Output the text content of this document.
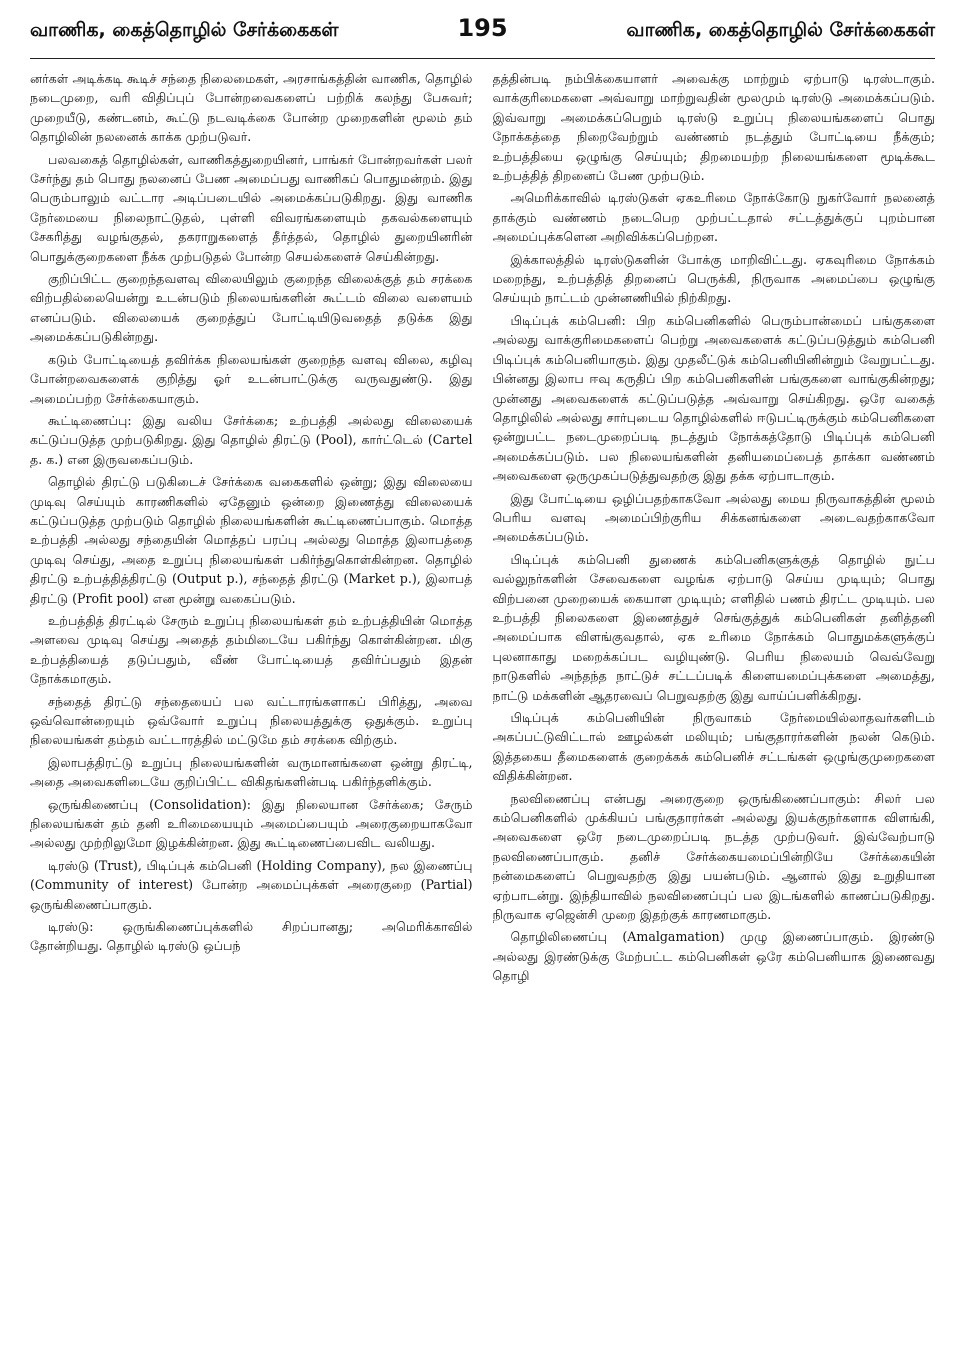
வாணிக, கைத்தொழில் சேர்க்கைகள்	195	வாணிக, கைத்தொழில் சேர்க்கைகள்

னர்கள் அடிக்கடி கூடிச் சந்தை நிலைமைகள், அரசாங்கத்தின் வாணிக, தொழில் நடைமுறை, வரி விதிப்புப் போன்றவைகளைப் பற்றிக் கலந்து பேசுவர்; முறையீடு, கண்டனம், கூட்டு நடவடிக்கை போன்ற முறைகளின் மூலம் தம் தொழிலின் நலனைக் காக்க முற்படுவர்.

பலவகைத் தொழில்கள், வாணிகத்துறையினர், பாங்கர் போன்றவர்கள் பலர் சேர்ந்து தம் பொது நலனைப் பேண அமைப்பது வாணிகப் பொதுமன்றம். இது பெரும்பாலும் வட்டார அடிப்படையில் அமைக்கப்படுகிறது. இது வாணிக நேர்மையை நிலைநாட்டுதல், புள்ளி விவரங்களையும் தகவல்களையும் சேகரித்து வழங்குதல், தகராறுகளைத் தீர்த்தல், தொழில் துறையினரின் பொதுக்குறைகளை நீக்க முற்படுதல் போன்ற செயல்களைச் செய்கின்றது.

குறிப்பிட்ட குறைந்தவளவு விலையிலும் குறைந்த விலைக்குத் தம் சரக்கை விற்பதில்லையென்று உடன்படும் நிலையங்களின் கூட்டம் விலை வளையம் எனப்படும். விலையைக் குறைத்துப் போட்டியிடுவதைத் தடுக்க இது அமைக்கப்படுகின்றது.

கடும் போட்டியைத் தவிர்க்க நிலையங்கள் குறைந்த வளவு விலை, கழிவு போன்றவைகளைக் குறித்து ஓர் உடன்பாட்டுக்கு வருவதுண்டு. இது அமைப்பற்ற சேர்க்கையாகும்.

கூட்டிணைப்பு: இது வலிய சேர்க்கை; உற்பத்தி அல்லது விலையைக் கட்டுப்படுத்த முற்படுகிறது. இது தொழில் திரட்டு (Pool), கார்ட்டெல் (Cartel த. க.) என இருவகைப்படும்.

தொழில் திரட்டு படுகிடைச் சேர்க்கை வகைகளில் ஒன்று; இது விலையை முடிவு செய்யும் காரணிகளில் ஏதேனும் ஒன்றை இணைத்து விலையைக் கட்டுப்படுத்த முற்படும் தொழில் நிலையங்களின் கூட்டிணைப்பாகும். மொத்த உற்பத்தி அல்லது சந்தையின் மொத்தப் பரப்பு அல்லது மொத்த இலாபத்தை முடிவு செய்து, அதை உறுப்பு நிலையங்கள் பகிர்ந்துகொள்கின்றன. தொழில் திரட்டு உற்பத்தித்திரட்டு (Output p.), சந்தைத் திரட்டு (Market p.), இலாபத் திரட்டு (Profit pool) என மூன்று வகைப்படும்.

உற்பத்தித் திரட்டில் சேரும் உறுப்பு நிலையங்கள் தம் உற்பத்தியின் மொத்த அளவை முடிவு செய்து அதைத் தம்மிடையே பகிர்ந்து கொள்கின்றன. மிகு உற்பத்தியைத் தடுப்பதும், வீண் போட்டியைத் தவிர்ப்பதும் இதன் நோக்கமாகும்.

சந்தைத் திரட்டு சந்தையைப் பல வட்டாரங்களாகப் பிரித்து, அவை ஒவ்வொன்றையும் ஒவ்வோர் உறுப்பு நிலையத்துக்கு ஒதுக்கும். உறுப்பு நிலையங்கள் தம்தம் வட்டாரத்தில் மட்டுமே தம் சரக்கை விற்கும்.

இலாபத்திரட்டு உறுப்பு நிலையங்களின் வருமானங்களை ஒன்று திரட்டி, அதை அவைகளிடையே குறிப்பிட்ட விகிதங்களின்படி பகிர்ந்தளிக்கும்.

ஒருங்கிணைப்பு (Consolidation): இது நிலையான சேர்க்கை; சேரும் நிலையங்கள் தம் தனி உரிமையையும் அமைப்பையும் அரைகுறையாகவோ அல்லது முற்றிலுமோ இழக்கின்றன. இது கூட்டிணைப்பைவிட வலியது.

டிரஸ்டு (Trust), பிடிப்புக் கம்பெனி (Holding Company), நல இணைப்பு (Community of interest) போன்ற அமைப்புக்கள் அரைகுறை (Partial) ஒருங்கிணைப்பாகும்.

டிரஸ்டு: ஒருங்கிணைப்புக்களில் சிறப்பானது; அமெரிக்காவில் தோன்றியது. தொழில் டிரஸ்டு ஒப்பந்

தத்தின்படி நம்பிக்கையாளர் அவைக்கு மாற்றும் ஏற்பாடு டிரஸ்டாகும். வாக்குரிமைகளை அவ்வாறு மாற்றுவதின் மூலமும் டிரஸ்டு அமைக்கப்படும். இவ்வாறு அமைக்கப்பெறும் டிரஸ்டு உறுப்பு நிலையங்களைப் பொது நோக்கத்தை நிறைவேற்றும் வண்ணம் நடத்தும் போட்டியை நீக்கும்; உற்பத்தியை ஒழுங்கு செய்யும்; திறமையற்ற நிலையங்களை மூடிக்கூட உற்பத்தித் திறனைப் பேண முற்படும்.

அமெரிக்காவில் டிரஸ்டுகள் ஏகஉரிமை நோக்கோடு நுகர்வோர் நலனைத் தாக்கும் வண்ணம் நடைபெற முற்பட்டதால் சட்டத்துக்குப் புறம்பான அமைப்புக்களென அறிவிக்கப்பெற்றன.

இக்காலத்தில் டிரஸ்டுகளின் போக்கு மாறிவிட்டது. ஏகவுரிமை நோக்கம் மறைந்து, உற்பத்தித் திறனைப் பெருக்கி, நிருவாக அமைப்பை ஒழுங்கு செய்யும் நாட்டம் முன்னணியில் நிற்கிறது.

பிடிப்புக் கம்பெனி: பிற கம்பெனிகளில் பெரும்பான்மைப் பங்குகளை அல்லது வாக்குரிமைகளைப் பெற்று அவைகளைக் கட்டுப்படுத்தும் கம்பெனி பிடிப்புக் கம்பெனியாகும். இது முதலீட்டுக் கம்பெனியினின்றும் வேறுபட்டது. பின்னது இலாப ஈவு கருதிப் பிற கம்பெனிகளின் பங்குகளை வாங்குகின்றது; முன்னது அவைகளைக் கட்டுப்படுத்த அவ்வாறு செய்கிறது. ஒரே வகைத் தொழிலில் அல்லது சார்புடைய தொழில்களில் ஈடுபட்டிருக்கும் கம்பெனிகளை ஒன்றுபட்ட நடைமுறைப்படி நடத்தும் நோக்கத்தோடு பிடிப்புக் கம்பெனி அமைக்கப்படும். பல நிலையங்களின் தனியமைப்பைத் தாக்கா வண்ணம் அவைகளை ஒருமுகப்படுத்துவதற்கு இது தக்க ஏற்பாடாகும்.

இது போட்டியை ஒழிப்பதற்காகவோ அல்லது மைய நிருவாகத்தின் மூலம் பெரிய வளவு அமைப்பிற்குரிய சிக்கனங்களை அடைவதற்காகவோ அமைக்கப்படும்.

பிடிப்புக் கம்பெனி துணைக் கம்பெனிகளுக்குத் தொழில் நுட்ப வல்லுநர்களின் சேவைகளை வழங்க ஏற்பாடு செய்ய முடியும்; பொது விற்பனை முறையைக் கையாள முடியும்; எளிதில் பணம் திரட்ட முடியும். பல உற்பத்தி நிலைகளை இணைத்துச் செங்குத்துக் கம்பெனிகள் தனித்தனி அமைப்பாக விளங்குவதால், ஏக உரிமை நோக்கம் பொதுமக்களுக்குப் புலனாகாது மறைக்கப்பட வழியுண்டு. பெரிய நிலையம் வெவ்வேறு நாடுகளில் அந்தந்த நாட்டுச் சட்டப்படிக் கிளையமைப்புக்களை அமைத்து, நாட்டு மக்களின் ஆதரவைப் பெறுவதற்கு இது வாய்ப்பளிக்கிறது.

பிடிப்புக் கம்பெனியின் நிருவாகம் நேர்மையில்லாதவர்களிடம் அகப்பட்டுவிட்டால் ஊழல்கள் மலியும்; பங்குதாரர்களின் நலன் கெடும். இத்தகைய தீமைகளைக் குறைக்கக் கம்பெனிச் சட்டங்கள் ஒழுங்குமுறைகளை விதிக்கின்றன.

நலவிணைப்பு என்பது அரைகுறை ஒருங்கிணைப்பாகும்: சிலர் பல கம்பெனிகளில் முக்கியப் பங்குதாரர்கள் அல்லது இயக்குநர்களாக விளங்கி, அவைகளை ஒரே நடைமுறைப்படி நடத்த முற்படுவர். இவ்வேற்பாடு நலவிணைப்பாகும். தனிச் சேர்க்கையமைப்பின்றியே சேர்க்கையின் நன்மைகளைப் பெறுவதற்கு இது பயன்படும். ஆனால் இது உறுதியான ஏற்பாடன்று. இந்தியாவில் நலவிணைப்புப் பல இடங்களில் காணப்படுகிறது. நிருவாக ஏஜென்சி முறை இதற்குக் காரணமாகும்.

தொழிலிணைப்பு (Amalgamation) முழு இணைப்பாகும். இரண்டு அல்லது இரண்டுக்கு மேற்பட்ட கம்பெனிகள் ஒரே கம்பெனியாக இணைவது தொழி
